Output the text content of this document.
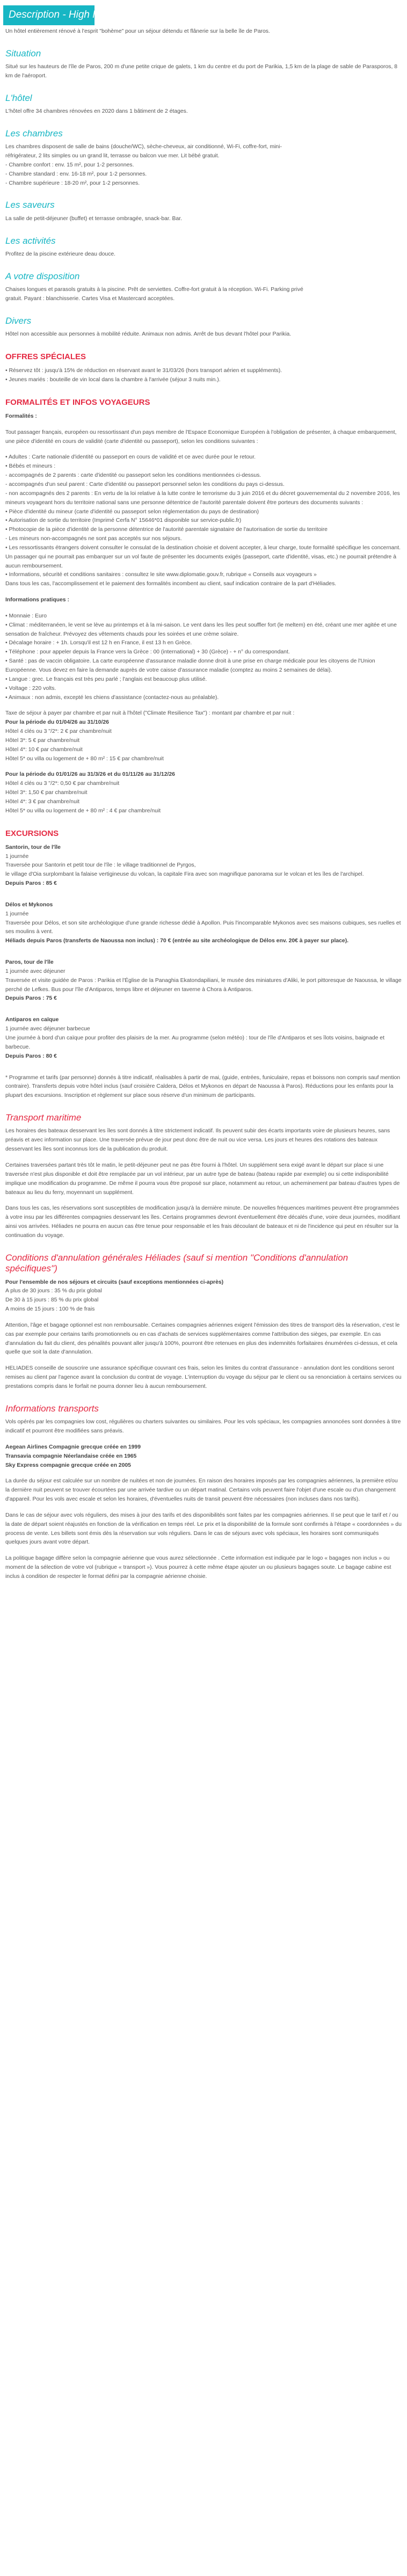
Description - High Mill 4*

Un hôtel entièrement rénové à l'esprit "bohème" pour un séjour détendu et flânerie sur la belle île de Paros.

Situation

Situé sur les hauteurs de l'île de Paros, 200 m d'une petite crique de galets, 1 km du centre et du port de Parikia, 1,5 km de la plage de sable de Parasporos, 8 km de l'aéroport.

L'hôtel

L'hôtel offre 34 chambres rénovées en 2020 dans 1 bâtiment de 2 étages.

Les chambres

Les chambres disposent de salle de bains (douche/WC), sèche-cheveux, air conditionné, Wi-Fi, coffre-fort, mini-
réfrigérateur, 2 lits simples ou un grand lit, terrasse ou balcon vue mer. Lit bébé gratuit.
- Chambre confort : env. 15 m², pour 1-2 personnes.
- Chambre standard : env. 16-18 m², pour 1-2 personnes.
- Chambre supérieure : 18-20 m², pour 1-2 personnes.

Les saveurs

La salle de petit-déjeuner (buffet) et terrasse ombragée, snack-bar. Bar.

Les activités

Profitez de la piscine extérieure deau douce.

A votre disposition

Chaises longues et parasols gratuits à la piscine. Prêt de serviettes. Coffre-fort gratuit à la réception. Wi-Fi. Parking privé
gratuit. Payant : blanchisserie. Cartes Visa et Mastercard acceptées.

Divers

Hôtel non accessible aux personnes à mobilité réduite. Animaux non admis. Arrêt de bus devant l'hôtel pour Parikia.

OFFRES SPÉCIALES

• Réservez tôt : jusqu'à 15% de réduction en réservant avant le 31/03/26 (hors transport aérien et suppléments).
• Jeunes mariés : bouteille de vin local dans la chambre à l'arrivée (séjour 3 nuits min.).

FORMALITÉS ET INFOS VOYAGEURS

Formalités :

Tout passager français, européen ou ressortissant d'un pays membre de l'Espace Economique Européen à l'obligation de présenter, à chaque embarquement, une pièce d'identité en cours de validité (carte d'identité ou passeport), selon les conditions suivantes :

• Adultes : Carte nationale d'identité ou passeport en cours de validité et ce avec durée pour le retour.
• Bébés et mineurs :
- accompagnés de 2 parents : carte d'identité ou passeport selon les conditions mentionnées ci-dessus.
- accompagnés d'un seul parent : Carte d'identité ou passeport personnel selon les conditions du pays ci-dessus.
- non accompagnés des 2 parents : En vertu de la loi relative à la lutte contre le terrorisme du 3 juin 2016 et du décret gouvernemental du 2 novembre 2016, les mineurs voyageant hors du territoire national sans une personne détentrice de l'autorité parentale doivent être porteurs des documents suivants :
• Pièce d'identité du mineur (carte d'identité ou passeport selon réglementation du pays de destination)
• Autorisation de sortie du territoire (Imprimé Cerfa N° 15646*01 disponible sur service-public.fr)
• Photocopie de la pièce d'identité de la personne détentrice de l'autorité parentale signataire de l'autorisation de sortie du territoire
- Les mineurs non-accompagnés ne sont pas acceptés sur nos séjours.
• Les ressortissants étrangers doivent consulter le consulat de la destination choisie et doivent accepter, à leur charge, toute formalité spécifique les concernant. Un passager qui ne pourrait pas embarquer sur un vol faute de présenter les documents exigés (passeport, carte d'identité, visas, etc.) ne pourrait prétendre à aucun remboursement.
• Informations, sécurité et conditions sanitaires : consultez le site www.diplomatie.gouv.fr, rubrique « Conseils aux voyageurs »
Dans tous les cas, l'accomplissement et le paiement des formalités incombent au client, sauf indication contraire de la part d'Héliades.

Informations pratiques :

• Monnaie : Euro
• Climat : méditerranéen, le vent se lève au printemps et à la mi-saison. Le vent dans les îles peut souffler fort (le meltem) en été, créant une mer agitée et une sensation de fraîcheur. Prévoyez des vêtements chauds pour les soirées et une crème solaire.
• Décalage horaire : + 1h. Lorsqu'il est 12 h en France, il est 13 h en Grèce.
• Téléphone : pour appeler depuis la France vers la Grèce : 00 (international) + 30 (Grèce) - + n° du correspondant.
• Santé : pas de vaccin obligatoire. La carte européenne d'assurance maladie donne droit à une prise en charge médicale pour les citoyens de l'Union Européenne. Vous devez en faire la demande auprès de votre caisse d'assurance maladie (comptez au moins 2 semaines de délai).
• Langue : grec. Le français est très peu parlé ; l'anglais est beaucoup plus utilisé.
• Voltage : 220 volts.
• Animaux : non admis, excepté les chiens d'assistance (contactez-nous au préalable).

Taxe de séjour à payer par chambre et par nuit à l'hôtel ("Climate Resilience Tax") : montant par chambre et par nuit :
Pour la période du 01/04/26 au 31/10/26
Hôtel 4 clés ou 3 "/2*: 2 € par chambre/nuit
Hôtel 3*: 5 € par chambre/nuit
Hôtel 4*: 10 € par chambre/nuit
Hôtel 5* ou villa ou logement de + 80 m² : 15 € par chambre/nuit

Pour la période du 01/01/26 au 31/3/26 et du 01/11/26 au 31/12/26
Hôtel 4 clés ou 3 "/2*: 0,50 € par chambre/nuit
Hôtel 3*: 1,50 € par chambre/nuit
Hôtel 4*: 3 € par chambre/nuit
Hôtel 5* ou villa ou logement de + 80 m² : 4 € par chambre/nuit

EXCURSIONS

Santorin, tour de l'île
1 journée
Traversée pour Santorin et petit tour de l'île : le village traditionnel de Pyrgos,
le village d'Oia surplombant la falaise vertigineuse du volcan, la capitale Fira avec son magnifique panorama sur le volcan et les îles de l'archipel.
Depuis Paros : 85 €

Délos et Mykonos
1 journée
Traversée pour Délos, et son site archéologique d'une grande richesse dédié à Apollon. Puis l'incomparable Mykonos avec ses maisons cubiques, ses ruelles et ses moulins à vent.
Héliads depuis Paros (transferts de Naoussa non inclus) : 70 € (entrée au site archéologique de Délos env. 20€ à payer sur place).

Paros, tour de l'île
1 journée avec déjeuner
Traversée et visite guidée de Paros : Parikia et l'Église de la Panaghia Ekatondapiliani, le musée des miniatures d'Aliki, le port pittoresque de Naoussa, le village perché de Lefkes. Bus pour l'île d'Antiparos, temps libre et déjeuner en taverne à Chora à Antiparos.
Depuis Paros : 75 €

Antiparos en caïque
1 journée avec déjeuner barbecue
Une journée à bord d'un caïque pour profiter des plaisirs de la mer. Au programme (selon météo) : tour de l'île d'Antiparos et ses îlots voisins, baignade et barbecue.
Depuis Paros : 80 €

* Programme et tarifs (par personne) donnés à titre indicatif, réalisables à partir de mai, (guide, entrées, funiculaire, repas et boissons non compris sauf mention contraire). Transferts depuis votre hôtel inclus (sauf croisière Caldera, Délos et Mykonos en départ de Naoussa à Paros). Réductions pour les enfants pour la plupart des excursions. Inscription et règlement sur place sous réserve d'un minimum de participants.

Transport maritime

Les horaires des bateaux desservant les îles sont donnés à titre strictement indicatif. Ils peuvent subir des écarts importants voire de plusieurs heures, sans préavis et avec information sur place. Une traversée prévue de jour peut donc être de nuit ou vice versa. Les jours et heures des rotations des bateaux desservant les îles sont inconnus lors de la publication du produit.

Certaines traversées partant très tôt le matin, le petit-déjeuner peut ne pas être fourni à l'hôtel. Un supplément sera exigé avant le départ sur place si une traversée n'est plus disponible et doit être remplacée par un vol intérieur, par un autre type de bateau (bateau rapide par exemple) ou si cette indisponibilité implique une modification du programme. De même il pourra vous être proposé sur place, notamment au retour, un acheminement par bateau d'autres types de bateaux au lieu du ferry, moyennant un supplément.

Dans tous les cas, les réservations sont susceptibles de modification jusqu'à la dernière minute. De nouvelles fréquences maritimes peuvent être programmées à votre insu par les différentes compagnies desservant les îles. Certains programmes devront éventuellement être décalés d'une, voire deux journées, modifiant ainsi vos arrivées. Héliades ne pourra en aucun cas être tenue pour responsable et les frais découlant de bateaux et ni de l'incidence qui peut en résulter sur la continuation du voyage.

Conditions d'annulation générales Héliades (sauf si mention "Conditions d'annulation spécifiques")

Pour l'ensemble de nos séjours et circuits (sauf exceptions mentionnées ci-après)
A plus de 30 jours : 35 % du prix global
De 30 à 15 jours : 85 % du prix global
A moins de 15 jours : 100 % de frais

Attention, l'âge et bagage optionnel est non remboursable. Certaines compagnies aériennes exigent l'émission des titres de transport dès la réservation, c'est le cas par exemple pour certains tarifs promotionnels ou en cas d'achats de services supplémentaires comme l'attribution des sièges, par exemple. En cas d'annulation du fait du client, des pénalités pouvant aller jusqu'à 100%, pourront être retenues en plus des indemnités forfaitaires énumérées ci-dessus, et cela quelle que soit la date d'annulation.

HELIADES conseille de souscrire une assurance spécifique couvrant ces frais, selon les limites du contrat d'assurance - annulation dont les conditions seront remises au client par l'agence avant la conclusion du contrat de voyage. L'interruption du voyage du séjour par le client ou sa renonciation à certains services ou prestations compris dans le forfait ne pourra donner lieu à aucun remboursement.

Informations transports

Vols opérés par les compagnies low cost, régulières ou charters suivantes ou similaires. Pour les vols spéciaux, les compagnies annoncées sont données à titre indicatif et pourront être modifiées sans préavis.

Aegean Airlines Compagnie grecque créée en 1999
Transavia compagnie Néerlandaise créée en 1965
Sky Express compagnie grecque créée en 2005

La durée du séjour est calculée sur un nombre de nuitées et non de journées. En raison des horaires imposés par les compagnies aériennes, la première et/ou la dernière nuit peuvent se trouver écourtées par une arrivée tardive ou un départ matinal. Certains vols peuvent faire l'objet d'une escale ou d'un changement d'appareil. Pour les vols avec escale et selon les horaires, d'éventuelles nuits de transit peuvent être nécessaires (non incluses dans nos tarifs).

Dans le cas de séjour avec vols réguliers, des mises à jour des tarifs et des disponibilités sont faites par les compagnies aériennes. Il se peut que le tarif et / ou la date de départ soient réajustés en fonction de la vérification en temps réel. Le prix et la disponibilité de la formule sont confirmés à l'étape « coordonnées » du process de vente. Les billets sont émis dès la réservation sur vols réguliers. Dans le cas de séjours avec vols spéciaux, les horaires sont communiqués quelques jours avant votre départ.

La politique bagage diffère selon la compagnie aérienne que vous aurez sélectionnée . Cette information est indiquée par le logo « bagages non inclus » ou moment de la sélection de votre vol (rubrique « transport »). Vous pourrez à cette même étape ajouter un ou plusieurs bagages soute. Le bagage cabine est inclus à condition de respecter le format défini par la compagnie aérienne choisie.
